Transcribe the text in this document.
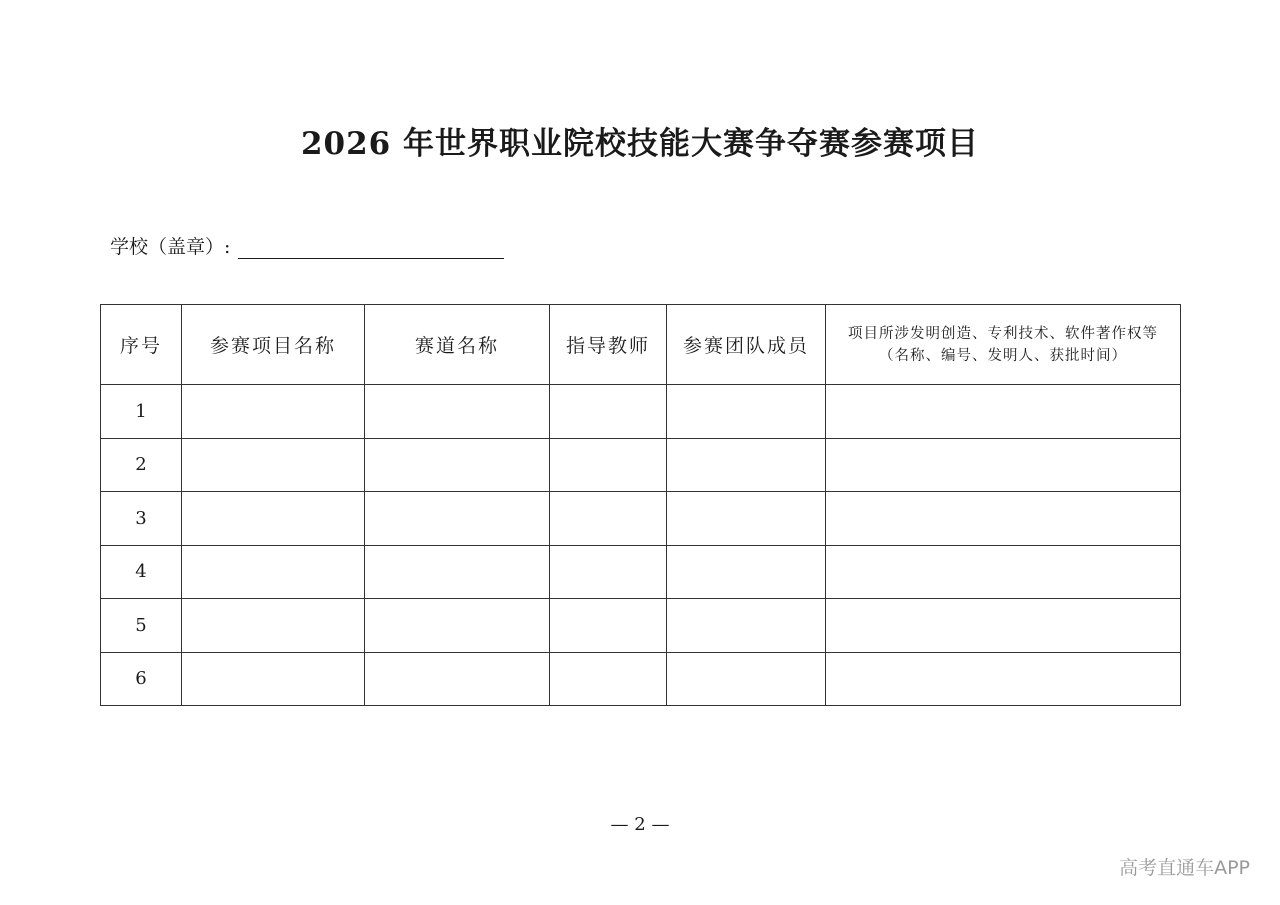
2026 年世界职业院校技能大赛争夺赛参赛项目
学校（盖章）:
序号	参赛项目名称	赛道名称	指导教师	参赛团队成员	项目所涉发明创造、专利技术、软件著作权等
（名称、编号、发明人、获批时间）

1					
2					
3					
4					
5					
6					
— 2 —
高考直通车APP
